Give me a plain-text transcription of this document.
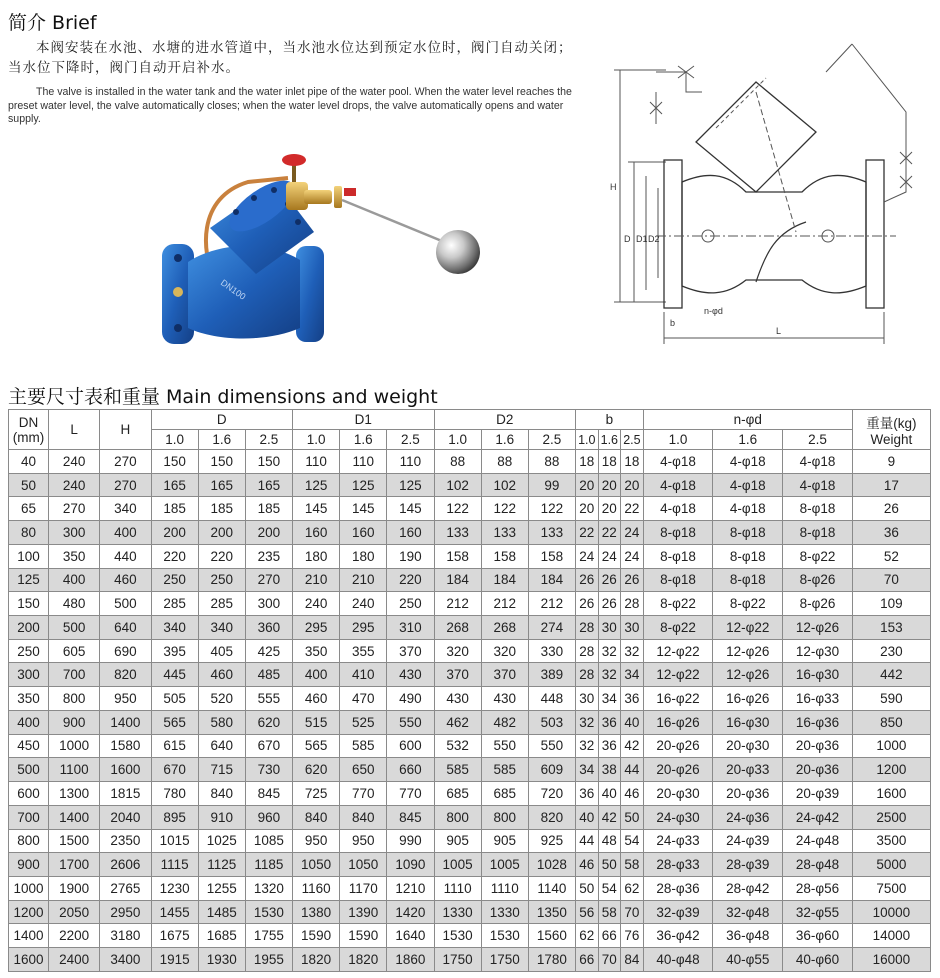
简介 Brief
本阀安装在水池、水塘的进水管道中，当水池水位达到预定水位时，阀门自动关闭；当水位下降时，阀门自动开启补水。
The valve is installed in the water tank and the water inlet pipe of the water pool. When the water level reaches the preset water level, the valve automatically closes; when the water level drops, the valve automatically opens and water supply.
DN100
H
D D1 D2
b
n-φd
L
主要尺寸表和重量 Main dimensions and weight
DN
(mm)	L	H	D			D1			D2			b			n-φd			重量(kg)
Weight
			1.0	1.6	2.5	1.0	1.6	2.5	1.0	1.6	2.5	1.0	1.6	2.5	1.0	1.6	2.5	
40	240	270	150	150	150	110	110	110	88	88	88	18	18	18	4-φ18	4-φ18	4-φ18	9
50	240	270	165	165	165	125	125	125	102	102	99	20	20	20	4-φ18	4-φ18	4-φ18	17
65	270	340	185	185	185	145	145	145	122	122	122	20	20	22	4-φ18	4-φ18	8-φ18	26
80	300	400	200	200	200	160	160	160	133	133	133	22	22	24	8-φ18	8-φ18	8-φ18	36
100	350	440	220	220	235	180	180	190	158	158	158	24	24	24	8-φ18	8-φ18	8-φ22	52
125	400	460	250	250	270	210	210	220	184	184	184	26	26	26	8-φ18	8-φ18	8-φ26	70
150	480	500	285	285	300	240	240	250	212	212	212	26	26	28	8-φ22	8-φ22	8-φ26	109
200	500	640	340	340	360	295	295	310	268	268	274	28	30	30	8-φ22	12-φ22	12-φ26	153
250	605	690	395	405	425	350	355	370	320	320	330	28	32	32	12-φ22	12-φ26	12-φ30	230
300	700	820	445	460	485	400	410	430	370	370	389	28	32	34	12-φ22	12-φ26	16-φ30	442
350	800	950	505	520	555	460	470	490	430	430	448	30	34	36	16-φ22	16-φ26	16-φ33	590
400	900	1400	565	580	620	515	525	550	462	482	503	32	36	40	16-φ26	16-φ30	16-φ36	850
450	1000	1580	615	640	670	565	585	600	532	550	550	32	36	42	20-φ26	20-φ30	20-φ36	1000
500	1100	1600	670	715	730	620	650	660	585	585	609	34	38	44	20-φ26	20-φ33	20-φ36	1200
600	1300	1815	780	840	845	725	770	770	685	685	720	36	40	46	20-φ30	20-φ36	20-φ39	1600
700	1400	2040	895	910	960	840	840	845	800	800	820	40	42	50	24-φ30	24-φ36	24-φ42	2500
800	1500	2350	1015	1025	1085	950	950	990	905	905	925	44	48	54	24-φ33	24-φ39	24-φ48	3500
900	1700	2606	1115	1125	1185	1050	1050	1090	1005	1005	1028	46	50	58	28-φ33	28-φ39	28-φ48	5000
1000	1900	2765	1230	1255	1320	1160	1170	1210	1110	1110	1140	50	54	62	28-φ36	28-φ42	28-φ56	7500
1200	2050	2950	1455	1485	1530	1380	1390	1420	1330	1330	1350	56	58	70	32-φ39	32-φ48	32-φ55	10000
1400	2200	3180	1675	1685	1755	1590	1590	1640	1530	1530	1560	62	66	76	36-φ42	36-φ48	36-φ60	14000
1600	2400	3400	1915	1930	1955	1820	1820	1860	1750	1750	1780	66	70	84	40-φ48	40-φ55	40-φ60	16000
